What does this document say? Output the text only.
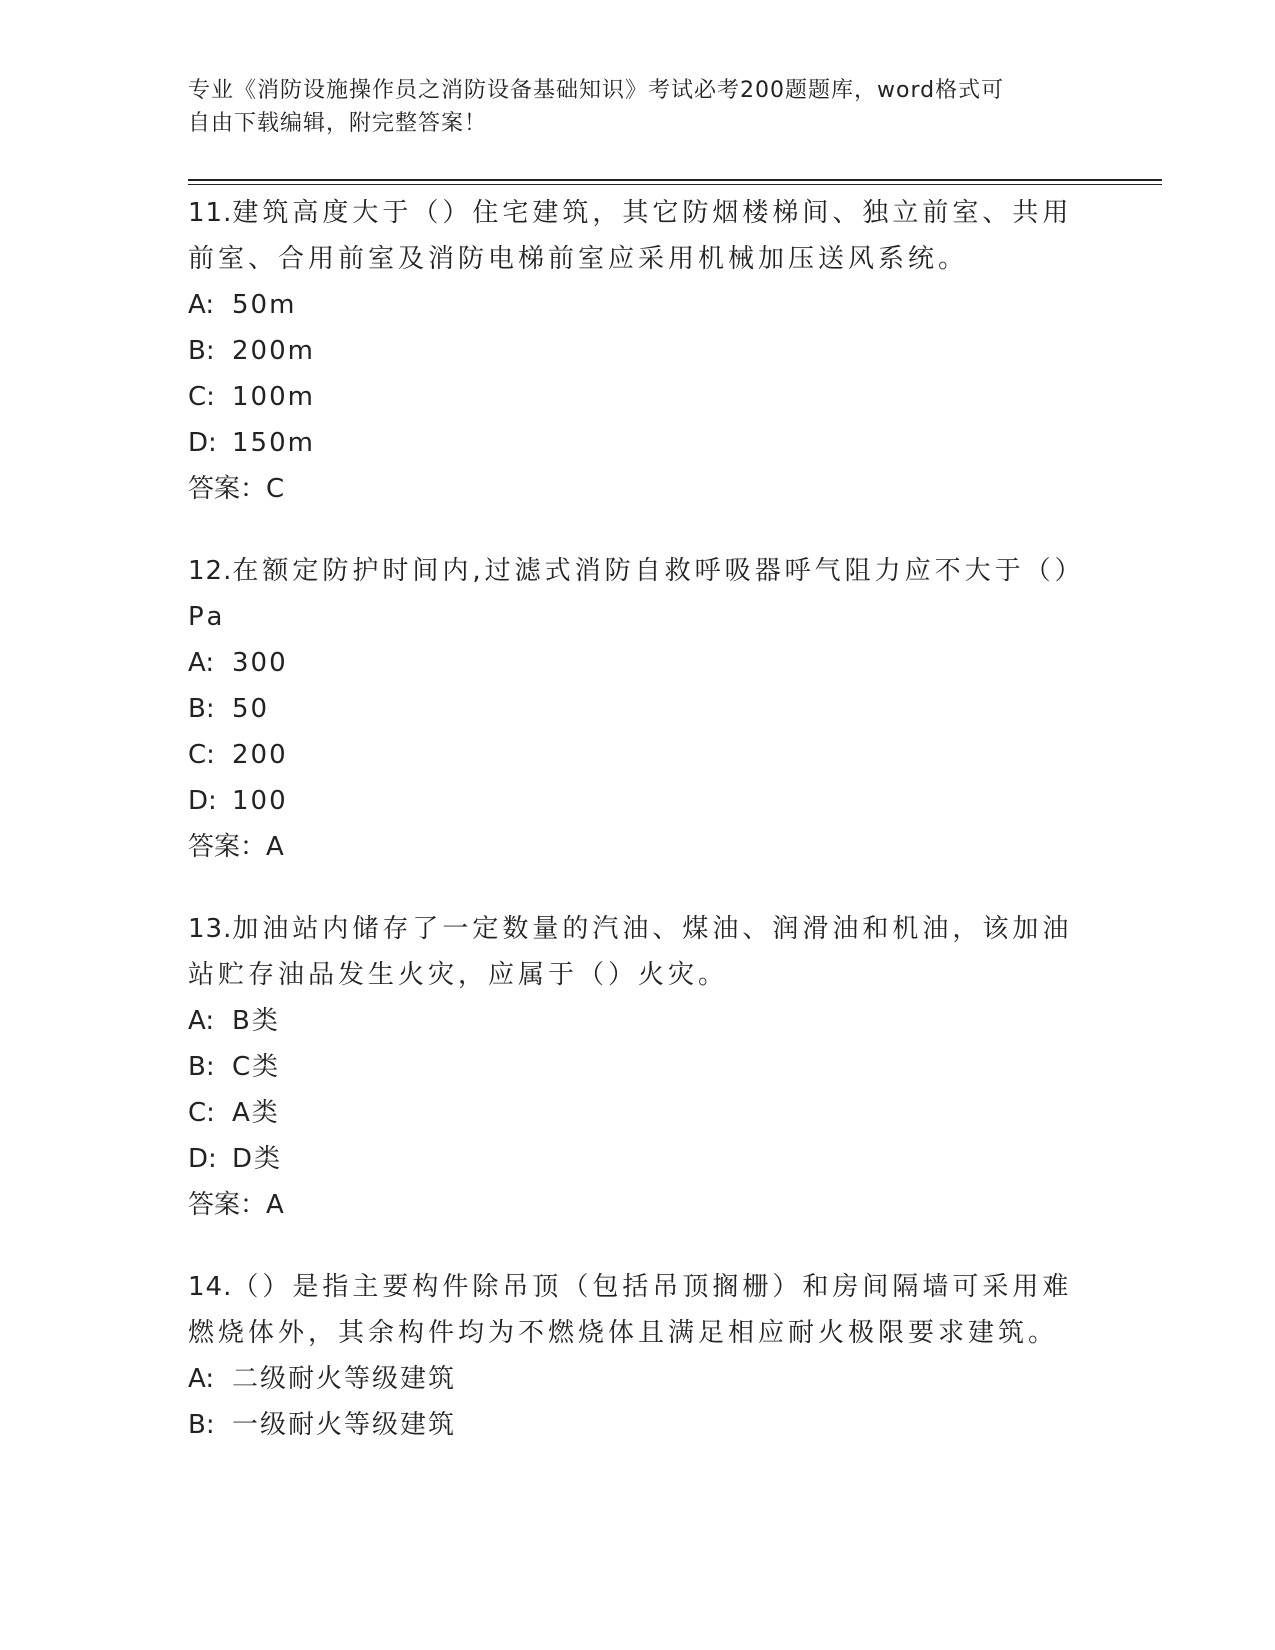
专业《消防设施操作员之消防设备基础知识》考试必考200题题库，word格式可
自由下载编辑，附完整答案！

11.建筑高度大于（）住宅建筑，其它防烟楼梯间、独立前室、共用前室、合用前室及消防电梯前室应采用机械加压送风系统。

A: 50m

B: 200m

C: 100m

D: 150m

答案：C

12.在额定防护时间内,过滤式消防自救呼吸器呼气阻力应不大于（）Pa

A: 300

B: 50

C: 200

D: 100

答案：A

13.加油站内储存了一定数量的汽油、煤油、润滑油和机油，该加油站贮存油品发生火灾，应属于（）火灾。

A: B类

B: C类

C: A类

D: D类

答案：A

14.（）是指主要构件除吊顶（包括吊顶搁栅）和房间隔墙可采用难燃烧体外，其余构件均为不燃烧体且满足相应耐火极限要求建筑。

A: 二级耐火等级建筑

B: 一级耐火等级建筑
